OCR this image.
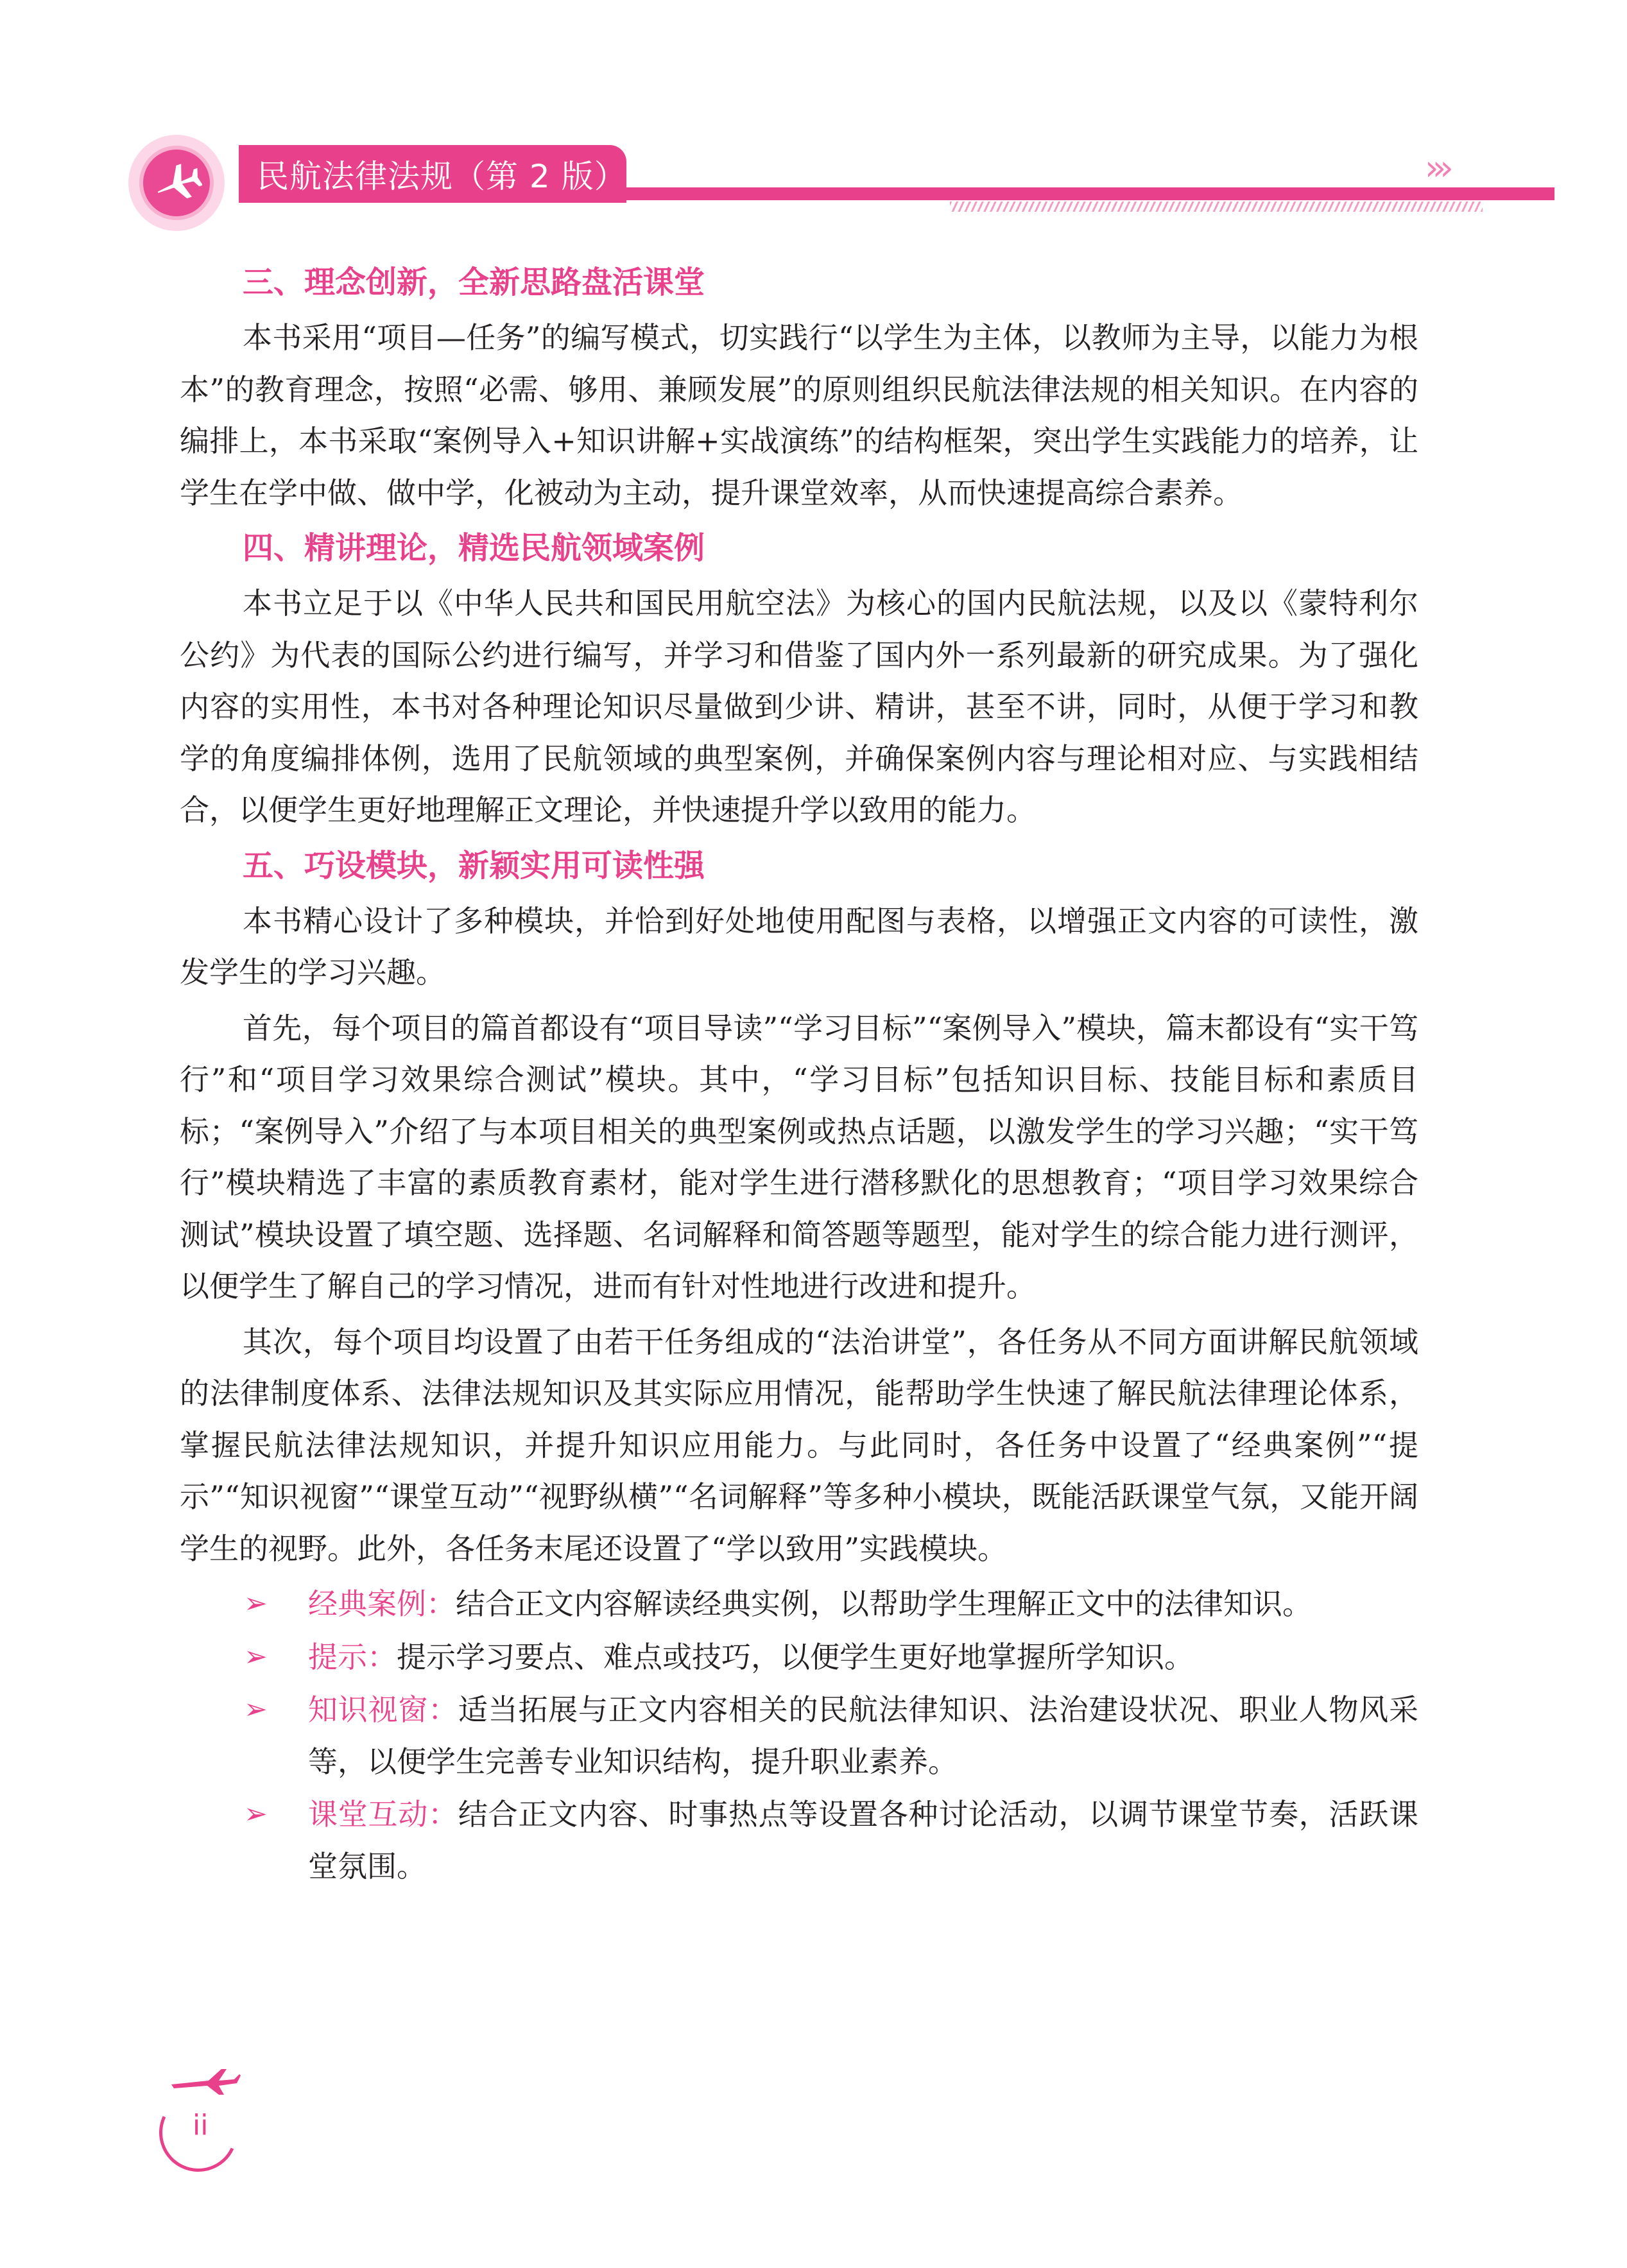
民航法律法规（第 2 版）	›››
三、理念创新，全新思路盘活课堂

本书采用“项目—任务”的编写模式，切实践行“以学生为主体，以教师为主导，以能力为根本”的教育理念，按照“必需、够用、兼顾发展”的原则组织民航法律法规的相关知识。在内容的编排上，本书采取“案例导入+知识讲解+实战演练”的结构框架，突出学生实践能力的培养，让学生在学中做、做中学，化被动为主动，提升课堂效率，从而快速提高综合素养。

四、精讲理论，精选民航领域案例

本书立足于以《中华人民共和国民用航空法》为核心的国内民航法规，以及以《蒙特利尔公约》为代表的国际公约进行编写，并学习和借鉴了国内外一系列最新的研究成果。为了强化内容的实用性，本书对各种理论知识尽量做到少讲、精讲，甚至不讲，同时，从便于学习和教学的角度编排体例，选用了民航领域的典型案例，并确保案例内容与理论相对应、与实践相结合，以便学生更好地理解正文理论，并快速提升学以致用的能力。

五、巧设模块，新颖实用可读性强

本书精心设计了多种模块，并恰到好处地使用配图与表格，以增强正文内容的可读性，激发学生的学习兴趣。

首先，每个项目的篇首都设有“项目导读”“学习目标”“案例导入”模块，篇末都设有“实干笃行”和“项目学习效果综合测试”模块。其中，“学习目标”包括知识目标、技能目标和素质目标；“案例导入”介绍了与本项目相关的典型案例或热点话题，以激发学生的学习兴趣；“实干笃行”模块精选了丰富的素质教育素材，能对学生进行潜移默化的思想教育；“项目学习效果综合测试”模块设置了填空题、选择题、名词解释和简答题等题型，能对学生的综合能力进行测评，以便学生了解自己的学习情况，进而有针对性地进行改进和提升。

其次，每个项目均设置了由若干任务组成的“法治讲堂”，各任务从不同方面讲解民航领域的法律制度体系、法律法规知识及其实际应用情况，能帮助学生快速了解民航法律理论体系，掌握民航法律法规知识，并提升知识应用能力。与此同时，各任务中设置了“经典案例”“提示”“知识视窗”“课堂互动”“视野纵横”“名词解释”等多种小模块，既能活跃课堂气氛，又能开阔学生的视野。此外，各任务末尾还设置了“学以致用”实践模块。

➢ 经典案例：结合正文内容解读经典实例，以帮助学生理解正文中的法律知识。
➢ 提示：提示学习要点、难点或技巧，以便学生更好地掌握所学知识。
➢ 知识视窗：适当拓展与正文内容相关的民航法律知识、法治建设状况、职业人物风采等，以便学生完善专业知识结构，提升职业素养。
➢ 课堂互动：结合正文内容、时事热点等设置各种讨论活动，以调节课堂节奏，活跃课堂氛围。
ii
